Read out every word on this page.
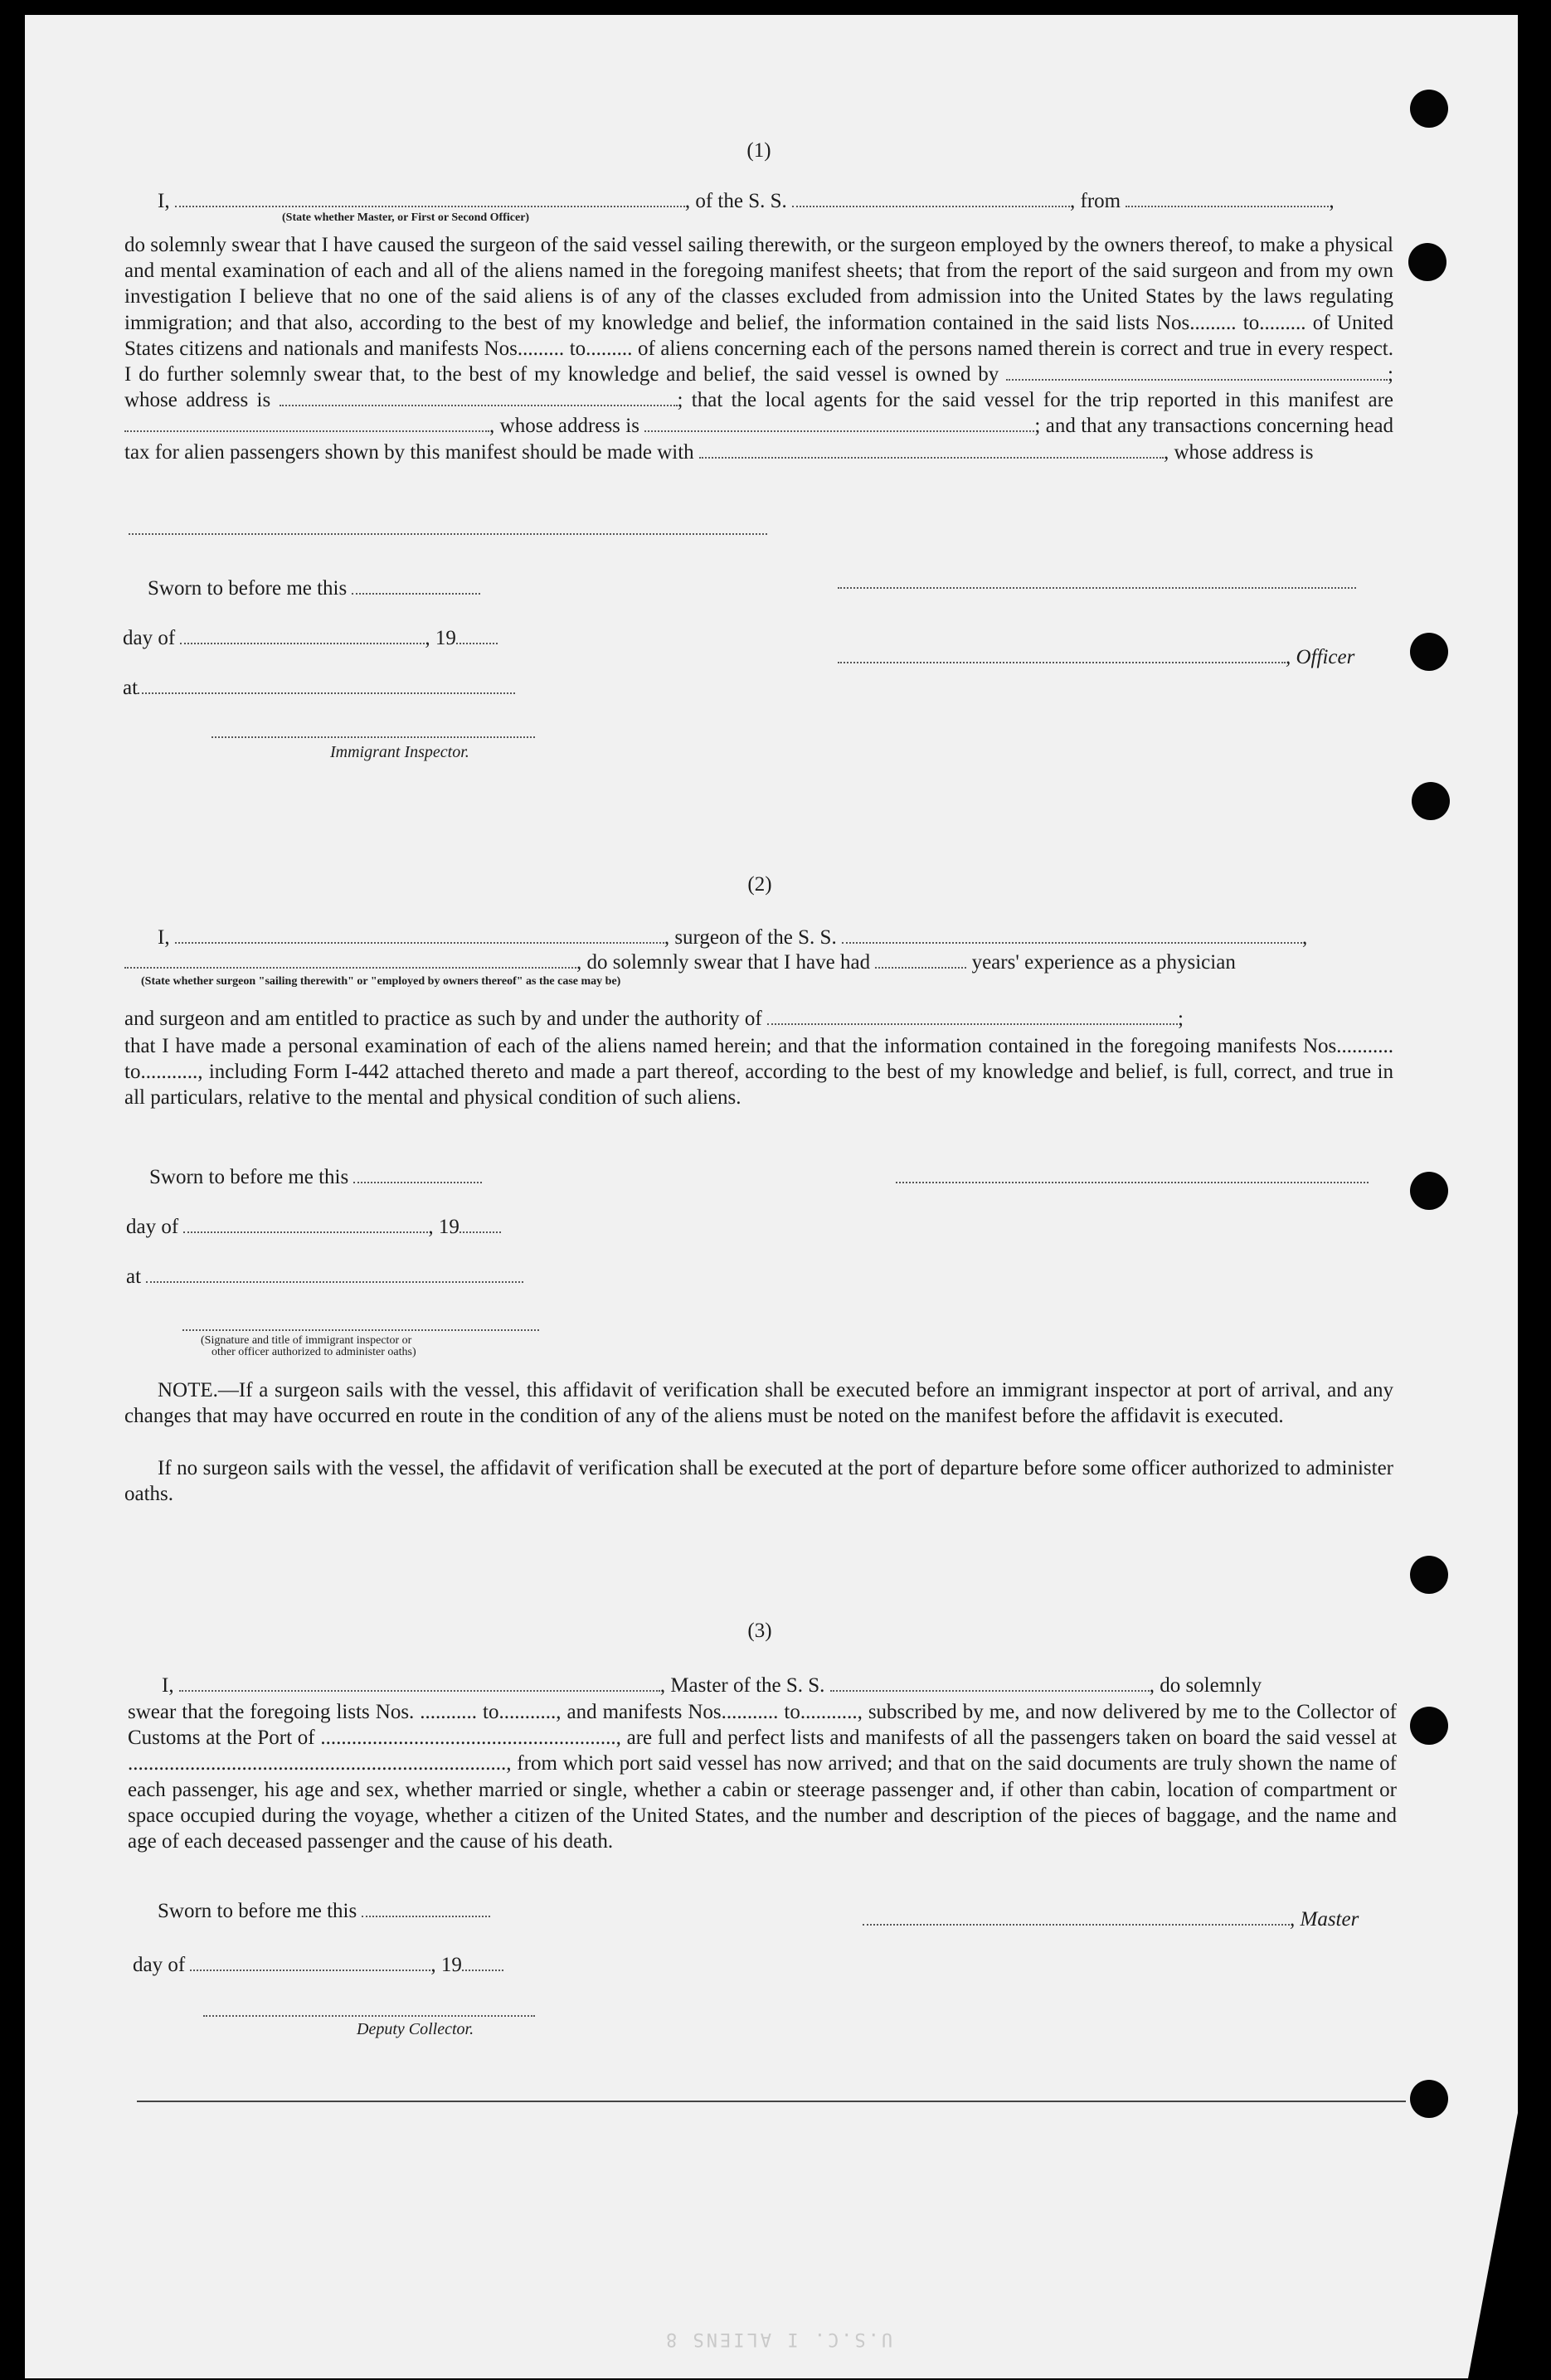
(1)
I,	, of the S. S.	, from	,
(State whether Master, or First or Second Officer)
do solemnly swear that I have caused the surgeon of the said vessel sailing therewith, or the surgeon employed by the owners thereof, to make a physical and mental examination of each and all of the aliens named in the foregoing manifest sheets; that from the report of the said surgeon and from my own investigation I believe that no one of the said aliens is of any of the classes excluded from admission into the United States by the laws regulating immigration; and that also, according to the best of my knowledge and belief, the information contained in the said lists Nos......... to......... of United States citizens and nationals and manifests Nos......... to......... of aliens concerning each of the persons named therein is correct and true in every respect. I do further solemnly swear that, to the best of my knowledge and belief, the said vessel is owned by	; whose address is	; that the local agents for the said vessel for the trip reported in this manifest are , whose address is	; and that any transactions concerning head tax for alien passengers shown by this manifest should be made with	, whose address is
Sworn to before me this
day of	, 19
at
Immigrant Inspector.
, Officer
(2)
I,	, surgeon of the S. S.	,
, do solemnly swear that I have had	years' experience as a physician
(State whether surgeon "sailing therewith" or "employed by owners thereof" as the case may be)
and surgeon and am entitled to practice as such by and under the authority of	;
that I have made a personal examination of each of the aliens named herein; and that the information contained in the foregoing manifests Nos........... to..........., including Form I-442 attached thereto and made a part thereof, according to the best of my knowledge and belief, is full, correct, and true in all particulars, relative to the mental and physical condition of such aliens.
Sworn to before me this
day of	, 19
at
(Signature and title of immigrant inspector or
other officer authorized to administer oaths)
NOTE.—If a surgeon sails with the vessel, this affidavit of verification shall be executed before an immigrant inspector at port of arrival, and any changes that may have occurred en route in the condition of any of the aliens must be noted on the manifest before the affidavit is executed.
If no surgeon sails with the vessel, the affidavit of verification shall be executed at the port of departure before some officer authorized to administer oaths.
(3)
I,	, Master of the S. S.	, do solemnly
swear that the foregoing lists Nos. ........... to..........., and manifests Nos........... to..........., subscribed by me, and now delivered by me to the Collector of Customs at the Port of ........................................................., are full and perfect lists and manifests of all the passengers taken on board the said vessel at ........................................................................., from which port said vessel has now arrived; and that on the said documents are truly shown the name of each passenger, his age and sex, whether married or single, whether a cabin or steerage passenger and, if other than cabin, location of compartment or space occupied during the voyage, whether a citizen of the United States, and the number and description of the pieces of baggage, and the name and age of each deceased passenger and the cause of his death.
Sworn to before me this	, Master
day of	, 19
Deputy Collector.
U.S.C. I ALIENS 8
